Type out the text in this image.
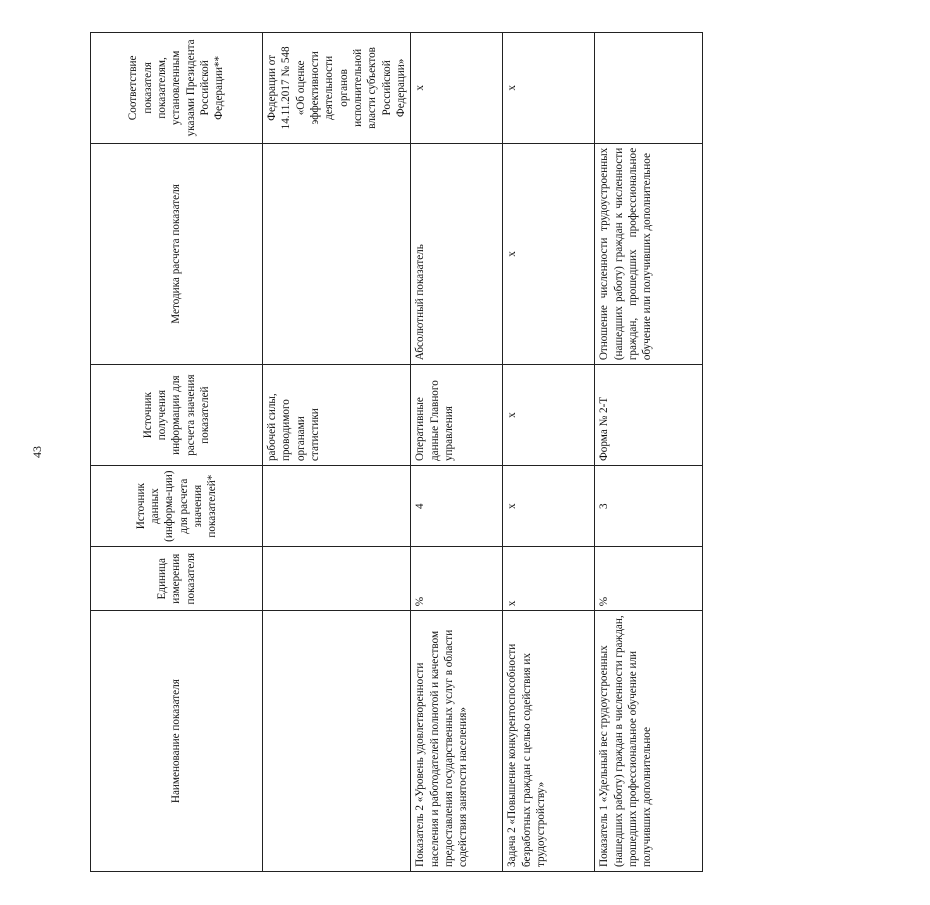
43
Наименование показателя	Единица измерения показателя	Источник данных (информа-ции) для расчета значения показателей*	Источник получения информации для расчета значения показателей	Методика расчета показателя	Соответствие показателя показателям, установленным указами Президента Российской Федерации**
			рабочей силы, проводимого органами статистики		Федерации от 14.11.2017 № 548 «Об оценке эффективности деятельности органов исполнительной власти субъектов Российской Федерации»
Показатель 2 «Уровень удовлетворенности населения и работодателей полнотой и качеством предоставления государственных услуг в области содействия занятости населения»	%	4	Оперативные данные Главного управления	Абсолютный показатель	х
Задача 2 «Повышение конкурентоспособности безработных граждан с целью содействия их трудоустройству»	х	х	х	х	х
Показатель 1 «Удельный вес трудоустроенных (нашедших работу) граждан в численности граждан, прошедших профессиональное обучение или получивших дополнительное	%	3	Форма № 2-Т	Отношение численности трудоустроенных (нашедших работу) граждан к численности граждан, прошедших профессиональное обучение или получивших дополнительное	
